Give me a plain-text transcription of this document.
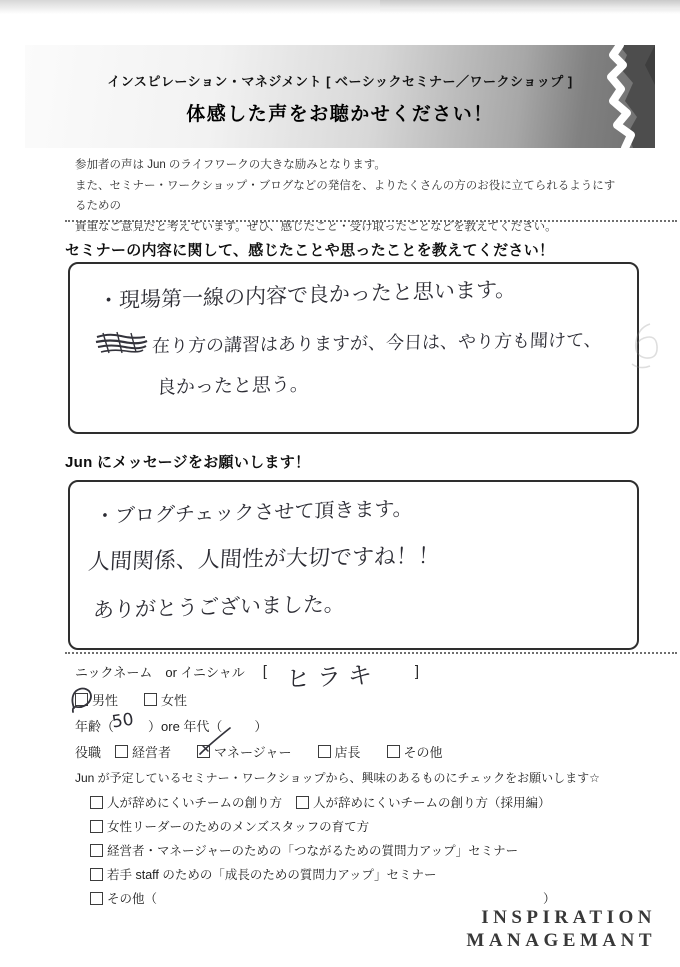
インスピレーション・マネジメント [ ベーシックセミナー／ワークショップ ]
体感した声をお聴かせください！
参加者の声は Jun のライフワークの大きな励みとなります。
また、セミナー・ワークショップ・ブログなどの発信を、よりたくさんの方のお役に立てられるようにするための
貴重なご意見だと考えています。ぜひ、感じたこと・受け取ったことなどを教えてください。
セミナーの内容に関して、感じたことや思ったことを教えてください！
・現場第一線の内容で良かったと思います。
在り方の講習はありますが、今日は、やり方も聞けて、
良かったと思う。
Jun にメッセージをお願いします！
・ブログチェックさせて頂きます。
人間関係、人間性が大切ですね！！
ありがとうございました。
ニックネーム　or イニシャル [	]
ヒラキ
男性	女性
年齢（	）ore 年代（ ）
50
役職 経営者	マネージャー	店長	その他
Jun が予定しているセミナー・ワークショップから、興味のあるものにチェックをお願いします☆
人が辞めにくいチームの創り方 人が辞めにくいチームの創り方（採用編）
女性リーダーのためのメンズスタッフの育て方
経営者・マネージャーのための「つながるための質問力アップ」セミナー
若手 staff のための「成長のための質問力アップ」セミナー
その他（	）
INSPIRATION
MANAGEMANT
